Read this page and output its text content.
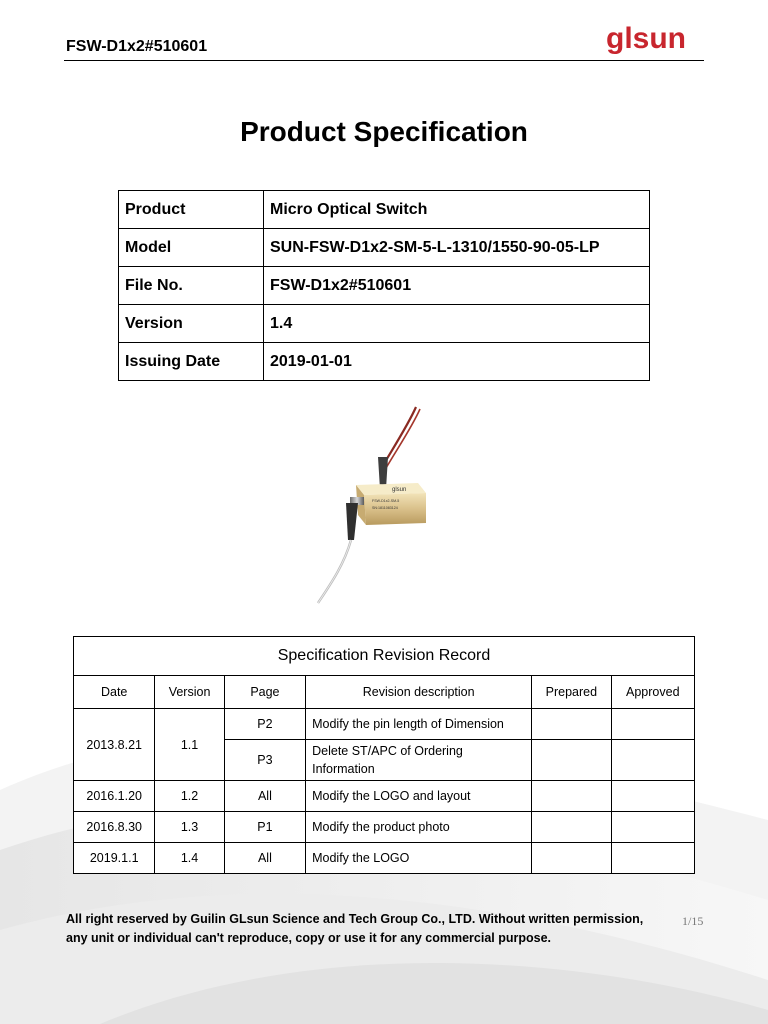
FSW-D1x2#510601	glsun
Product Specification
Product	Micro Optical Switch
Model	SUN-FSW-D1x2-SM-5-L-1310/1550-90-05-LP
File No.	FSW-D1x2#510601
Version	1.4
Issuing Date	2019-01-01
glsun
FSW-D1x2-SM-5
SN:1811083124
Specification Revision Record					
Date	Version	Page	Revision description	Prepared	Approved
2013.8.21	1.1	P2	Modify the pin length of Dimension		
		P3	Delete ST/APC of Ordering Information		
2016.1.20	1.2	All	Modify the LOGO and layout		
2016.8.30	1.3	P1	Modify the product photo		
2019.1.1	1.4	All	Modify the LOGO		
1/15
All right reserved by Guilin GLsun Science and Tech Group Co., LTD. Without written permission,
any unit or individual can't reproduce, copy or use it for any commercial purpose.
